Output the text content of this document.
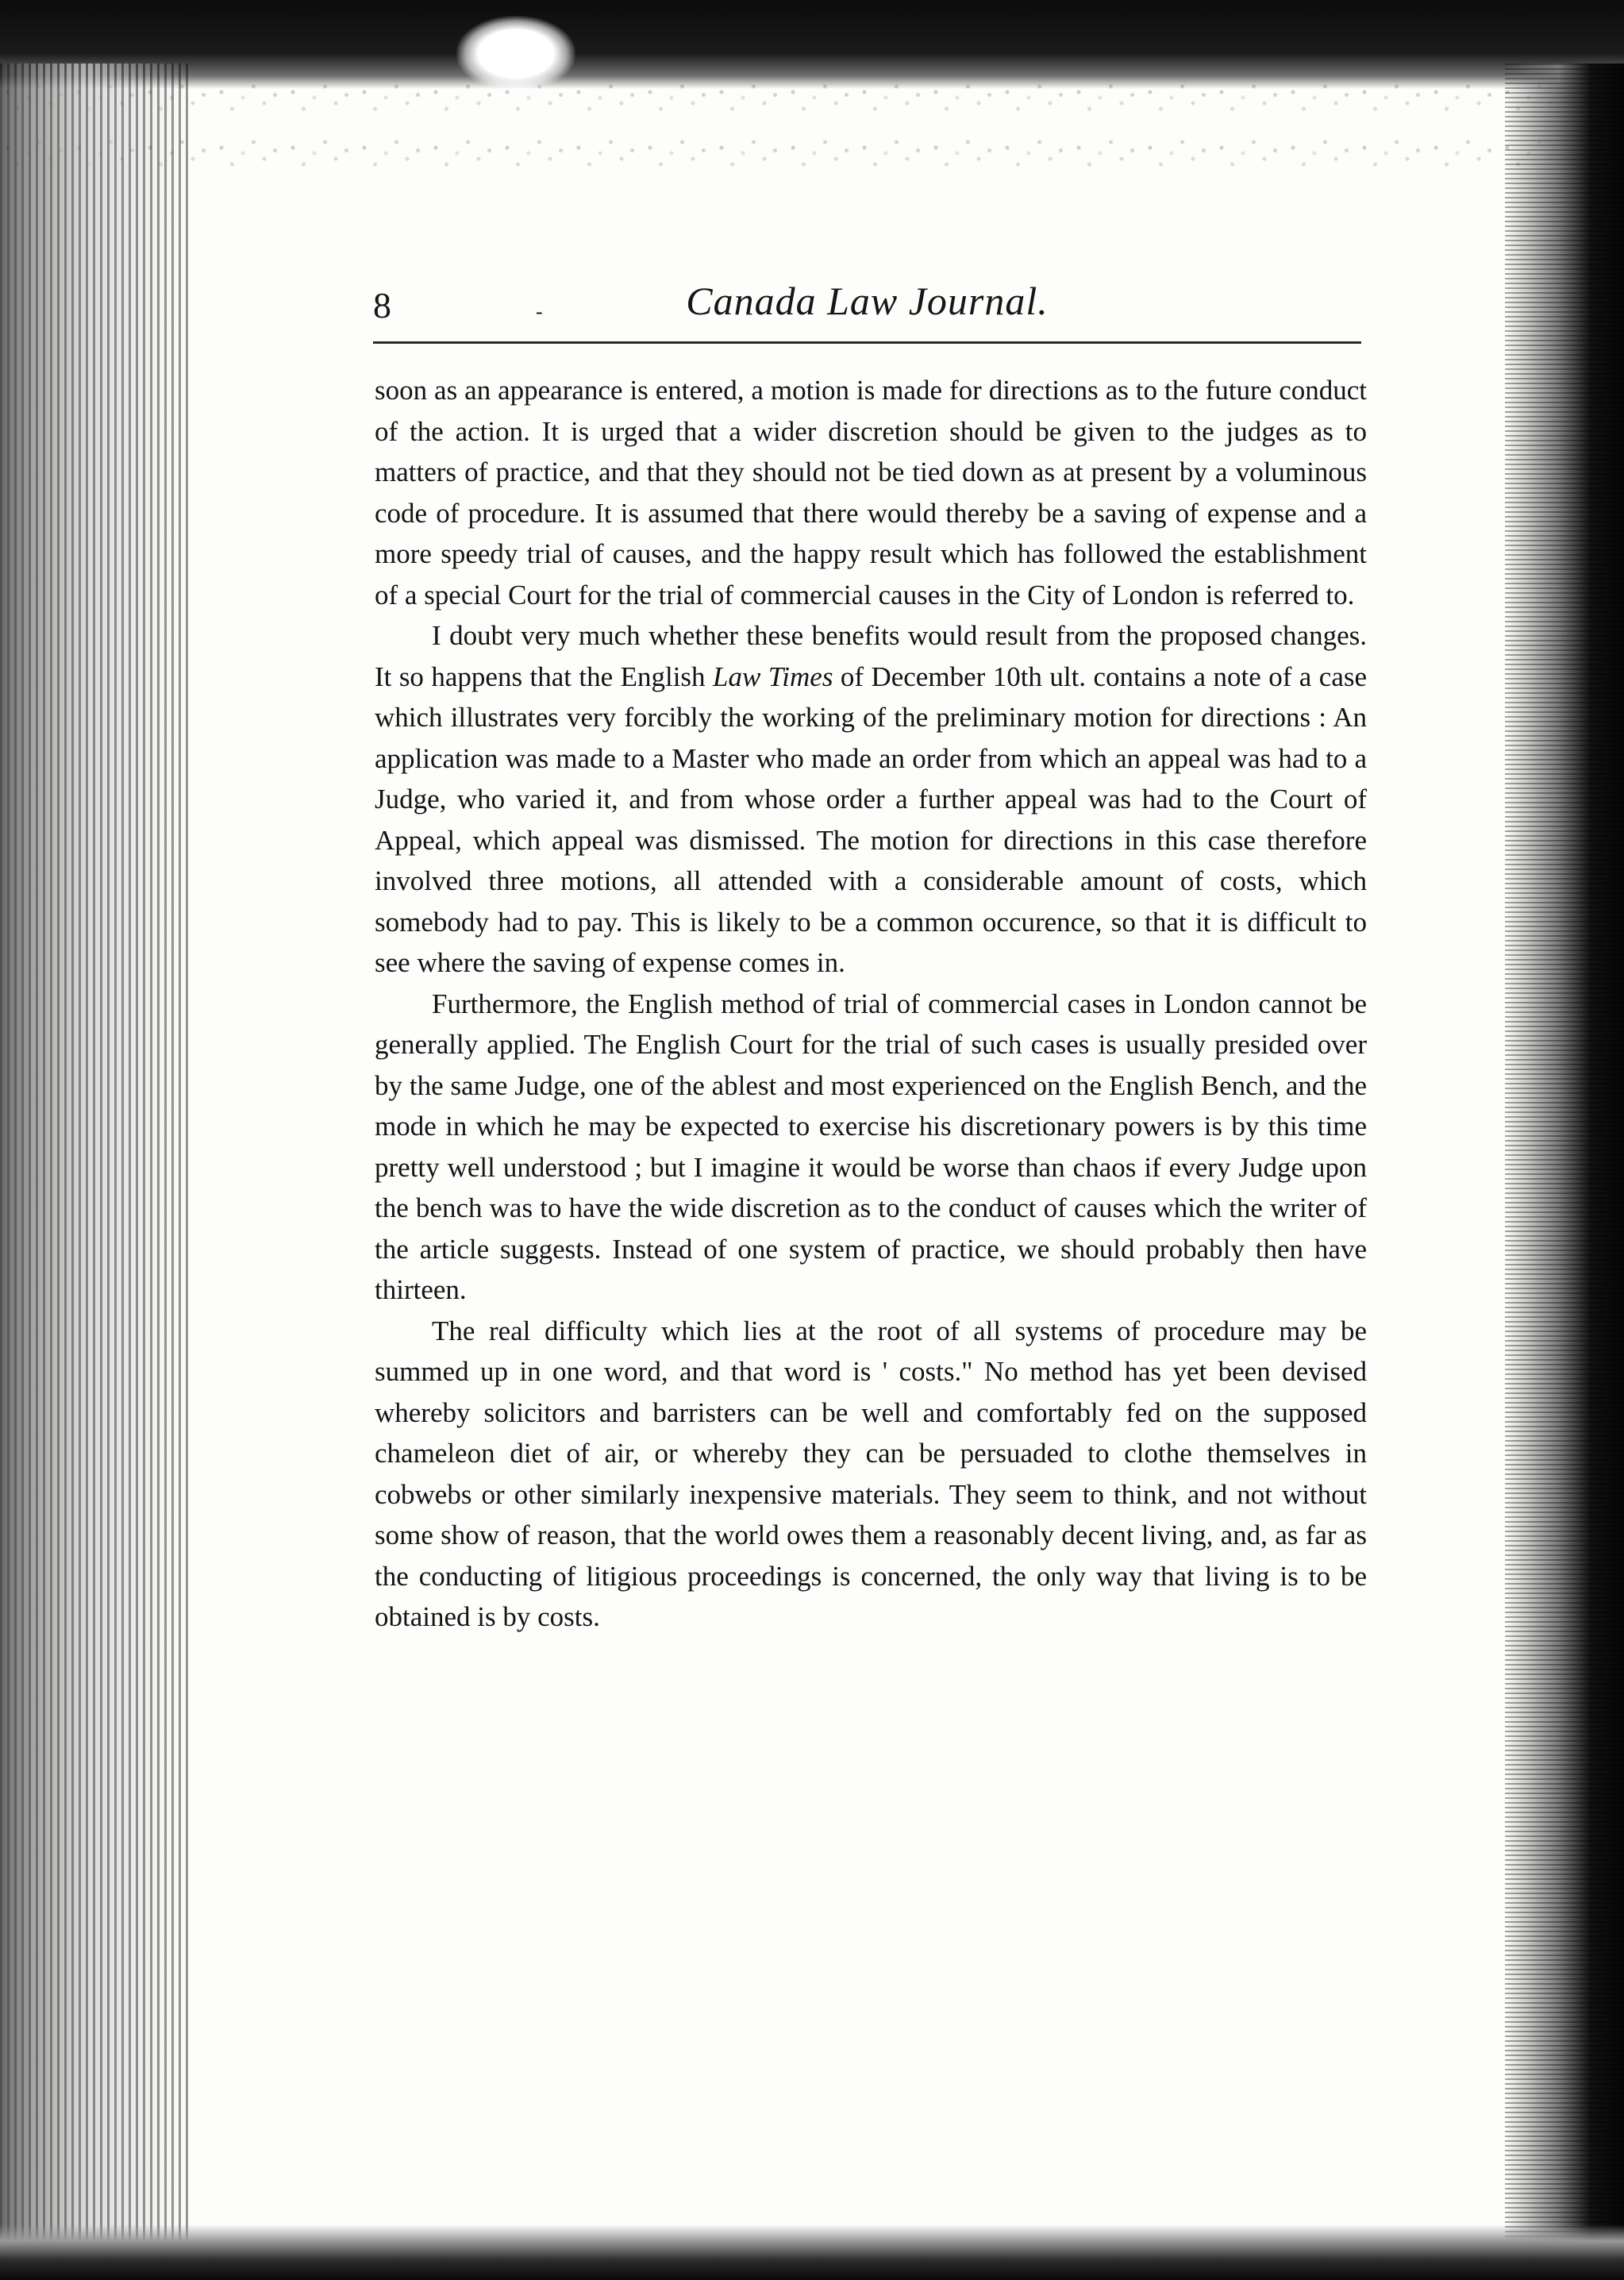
8	-	Canada Law Journal.

soon as an appearance is entered, a motion is made for directions as to the future conduct of the action. It is urged that a wider discretion should be given to the judges as to matters of practice, and that they should not be tied down as at present by a voluminous code of procedure. It is assumed that there would thereby be a saving of expense and a more speedy trial of causes, and the happy result which has followed the establishment of a special Court for the trial of commercial causes in the City of London is referred to.

I doubt very much whether these benefits would result from the proposed changes. It so happens that the English Law Times of December 10th ult. contains a note of a case which illustrates very forcibly the working of the preliminary motion for directions : An application was made to a Master who made an order from which an appeal was had to a Judge, who varied it, and from whose order a further appeal was had to the Court of Appeal, which appeal was dismissed. The motion for directions in this case therefore involved three motions, all attended with a considerable amount of costs, which somebody had to pay. This is likely to be a common occurence, so that it is difficult to see where the saving of expense comes in.

Furthermore, the English method of trial of commercial cases in London cannot be generally applied. The English Court for the trial of such cases is usually presided over by the same Judge, one of the ablest and most experienced on the English Bench, and the mode in which he may be expected to exercise his discretionary powers is by this time pretty well understood ; but I imagine it would be worse than chaos if every Judge upon the bench was to have the wide discretion as to the conduct of causes which the writer of the article suggests. Instead of one system of practice, we should probably then have thirteen.

The real difficulty which lies at the root of all systems of procedure may be summed up in one word, and that word is ' costs." No method has yet been devised whereby solicitors and barristers can be well and comfortably fed on the supposed chameleon diet of air, or whereby they can be persuaded to clothe themselves in cobwebs or other similarly inexpensive materials. They seem to think, and not without some show of reason, that the world owes them a reasonably decent living, and, as far as the conducting of litigious proceedings is concerned, the only way that living is to be obtained is by costs.
